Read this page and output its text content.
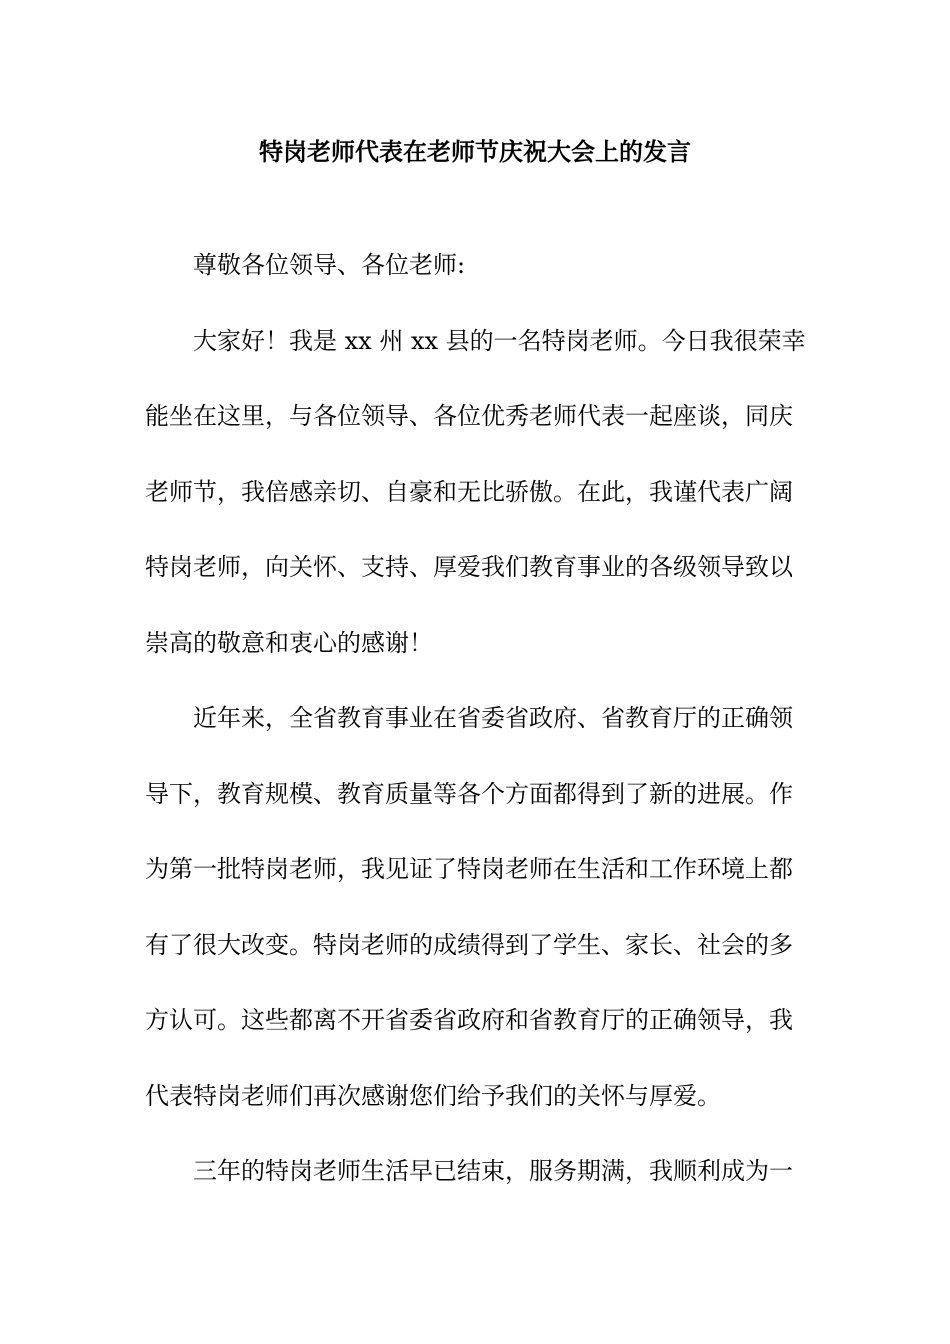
特岗老师代表在老师节庆祝大会上的发言
尊敬各位领导、各位老师:
大家好！我是 xx 州 xx 县的一名特岗老师。今日我很荣幸
能坐在这里，与各位领导、各位优秀老师代表一起座谈，同庆
老师节，我倍感亲切、自豪和无比骄傲。在此，我谨代表广阔
特岗老师，向关怀、支持、厚爱我们教育事业的各级领导致以
崇高的敬意和衷心的感谢！
近年来，全省教育事业在省委省政府、省教育厅的正确领
导下，教育规模、教育质量等各个方面都得到了新的进展。作
为第一批特岗老师，我见证了特岗老师在生活和工作环境上都
有了很大改变。特岗老师的成绩得到了学生、家长、社会的多
方认可。这些都离不开省委省政府和省教育厅的正确领导，我
代表特岗老师们再次感谢您们给予我们的关怀与厚爱。
三年的特岗老师生活早已结束，服务期满，我顺利成为一
